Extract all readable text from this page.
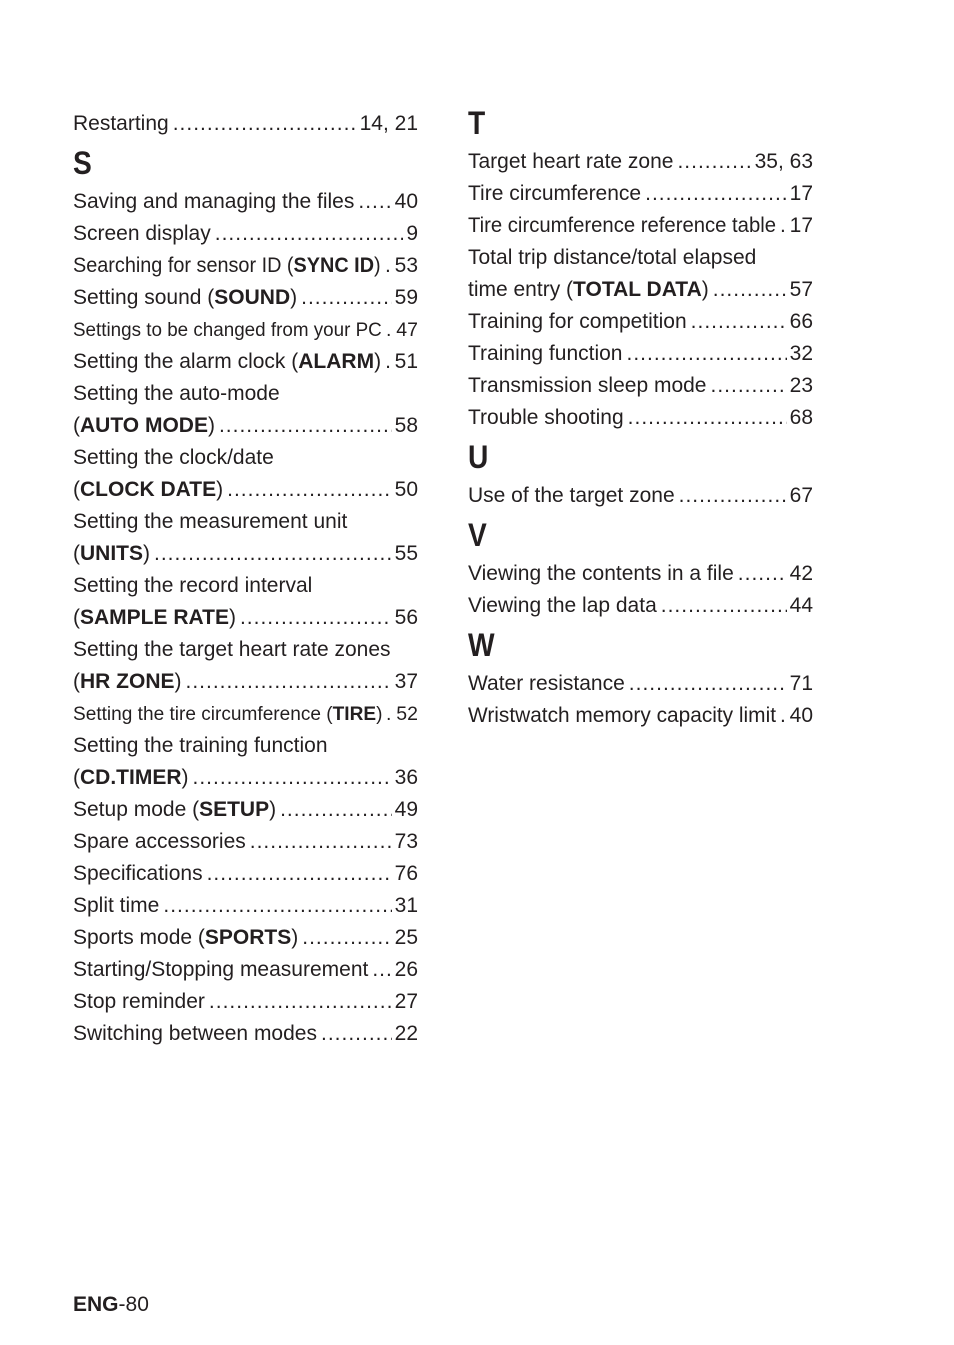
Restarting .....	14, 21
S
Saving and managing the files ..... 40
Screen display .....	9
Searching for sensor ID (SYNC ID) ..... 53
Setting sound (SOUND) .....	59
Settings to be changed from your PC ..... 47
Setting the alarm clock (ALARM) ..... 51
Setting the auto-mode
(AUTO MODE) .....	58
Setting the clock/date
(CLOCK DATE) .....	50
Setting the measurement unit
(UNITS) .....	55
Setting the record interval
(SAMPLE RATE) .....	56
Setting the target heart rate zones
(HR ZONE) .....	37
Setting the tire circumference (TIRE) ..... 52
Setting the training function
(CD.TIMER) .....	36
Setup mode (SETUP) .....	49
Spare accessories .....	73
Specifications .....	76
Split time .....	31
Sports mode (SPORTS) .....	25
Starting/Stopping measurement ..... 26
Stop reminder .....	27
Switching between modes .....	22
T
Target heart rate zone .....	35, 63
Tire circumference .....	17
Tire circumference reference table ..... 17
Total trip distance/total elapsed
time entry (TOTAL DATA) .....	57
Training for competition .....	66
Training function .....	32
Transmission sleep mode .....	23
Trouble shooting .....	68
U
Use of the target zone .....	67
V
Viewing the contents in a file .....	42
Viewing the lap data .....	44
W
Water resistance .....	71
Wristwatch memory capacity limit ..... 40
ENG-80
